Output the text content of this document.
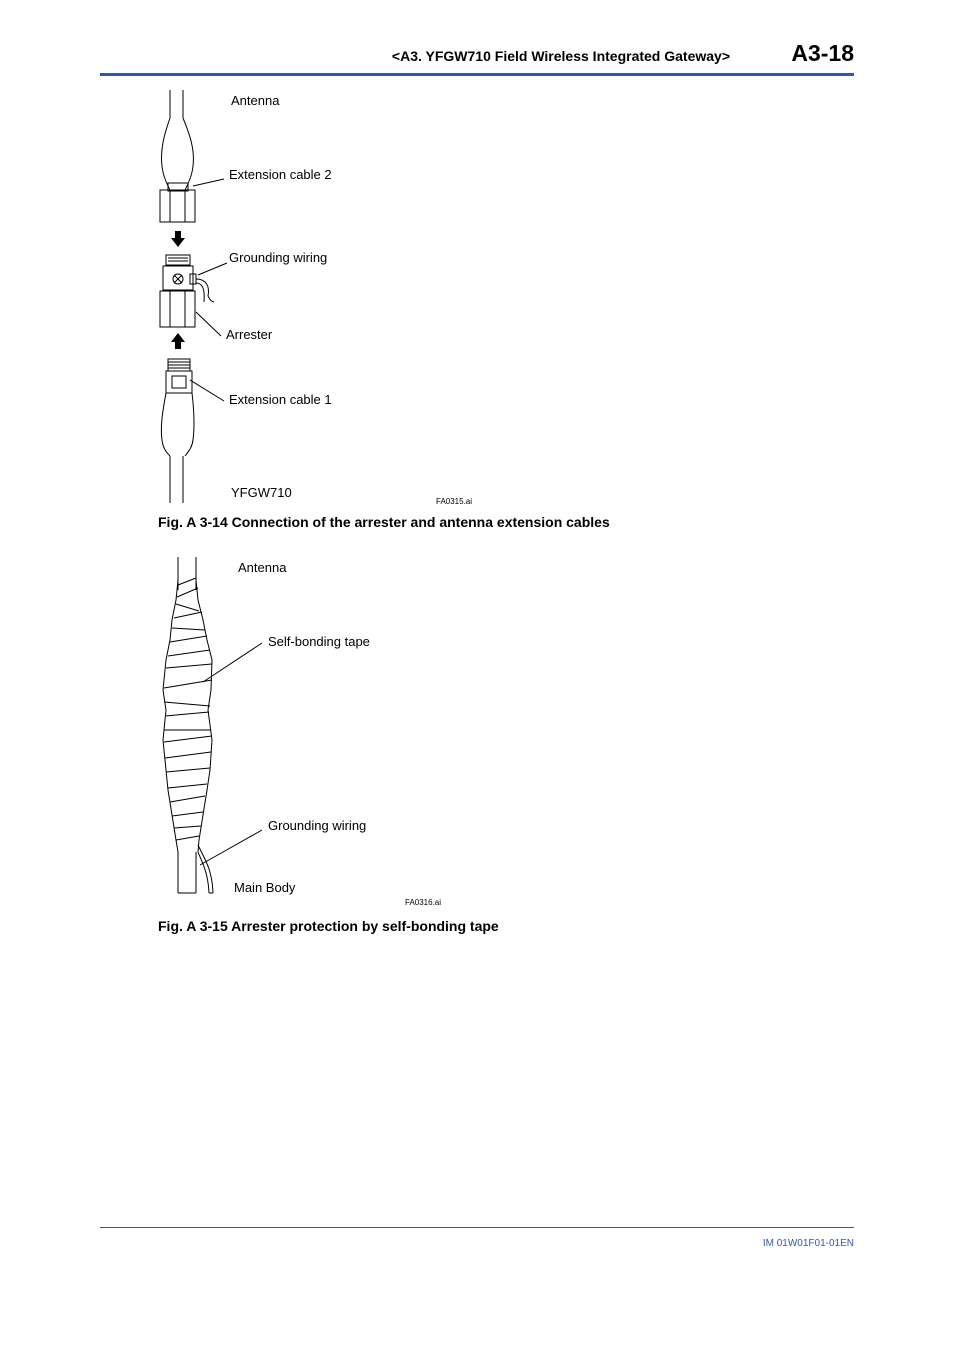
<A3. YFGW710 Field Wireless Integrated Gateway>	A3-18
Antenna
Extension cable 2
Grounding wiring
Arrester
Extension cable 1
YFGW710
FA0315.ai
Fig. A 3-14 Connection of the arrester and antenna extension cables
Antenna
Self-bonding tape
Grounding wiring
Main Body
FA0316.ai
Fig. A 3-15 Arrester protection by self-bonding tape
IM 01W01F01-01EN
